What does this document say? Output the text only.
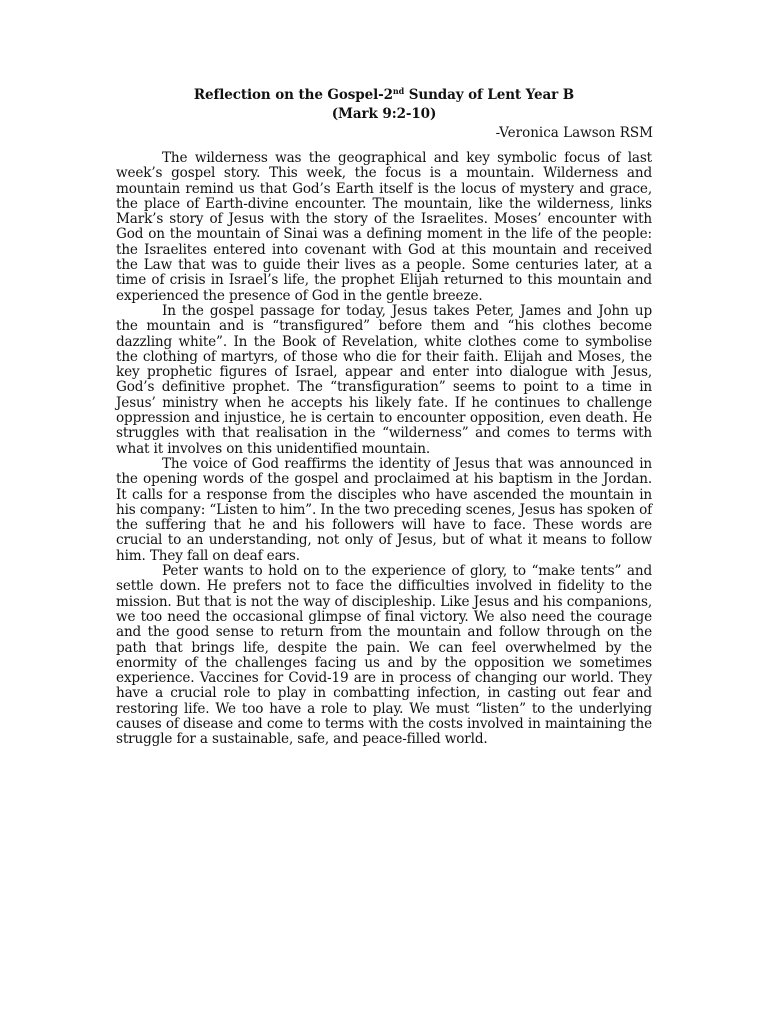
Reflection on the Gospel-2nd Sunday of Lent Year B
(Mark 9:2-10)
-Veronica Lawson RSM

The wilderness was the geographical and key symbolic focus of last week’s gospel story. This week, the focus is a mountain. Wilderness and mountain remind us that God’s Earth itself is the locus of mystery and grace, the place of Earth-divine encounter. The mountain, like the wilderness, links Mark’s story of Jesus with the story of the Israelites. Moses’ encounter with God on the mountain of Sinai was a defining moment in the life of the people: the Israelites entered into covenant with God at this mountain and received the Law that was to guide their lives as a people. Some centuries later, at a time of crisis in Israel’s life, the prophet Elijah returned to this mountain and experienced the presence of God in the gentle breeze.

In the gospel passage for today, Jesus takes Peter, James and John up the mountain and is “transfigured” before them and “his clothes become dazzling white”. In the Book of Revelation, white clothes come to symbolise the clothing of martyrs, of those who die for their faith. Elijah and Moses, the key prophetic figures of Israel, appear and enter into dialogue with Jesus, God’s definitive prophet. The “transfiguration” seems to point to a time in Jesus’ ministry when he accepts his likely fate. If he continues to challenge oppression and injustice, he is certain to encounter opposition, even death. He struggles with that realisation in the “wilderness” and comes to terms with what it involves on this unidentified mountain.

The voice of God reaffirms the identity of Jesus that was announced in the opening words of the gospel and proclaimed at his baptism in the Jordan. It calls for a response from the disciples who have ascended the mountain in his company: “Listen to him”. In the two preceding scenes, Jesus has spoken of the suffering that he and his followers will have to face. These words are crucial to an understanding, not only of Jesus, but of what it means to follow him. They fall on deaf ears.

Peter wants to hold on to the experience of glory, to “make tents” and settle down. He prefers not to face the difficulties involved in fidelity to the mission. But that is not the way of discipleship. Like Jesus and his companions, we too need the occasional glimpse of final victory. We also need the courage and the good sense to return from the mountain and follow through on the path that brings life, despite the pain. We can feel overwhelmed by the enormity of the challenges facing us and by the opposition we sometimes experience. Vaccines for Covid-19 are in process of changing our world. They have a crucial role to play in combatting infection, in casting out fear and restoring life. We too have a role to play. We must “listen” to the underlying causes of disease and come to terms with the costs involved in maintaining the struggle for a sustainable, safe, and peace-filled world.
